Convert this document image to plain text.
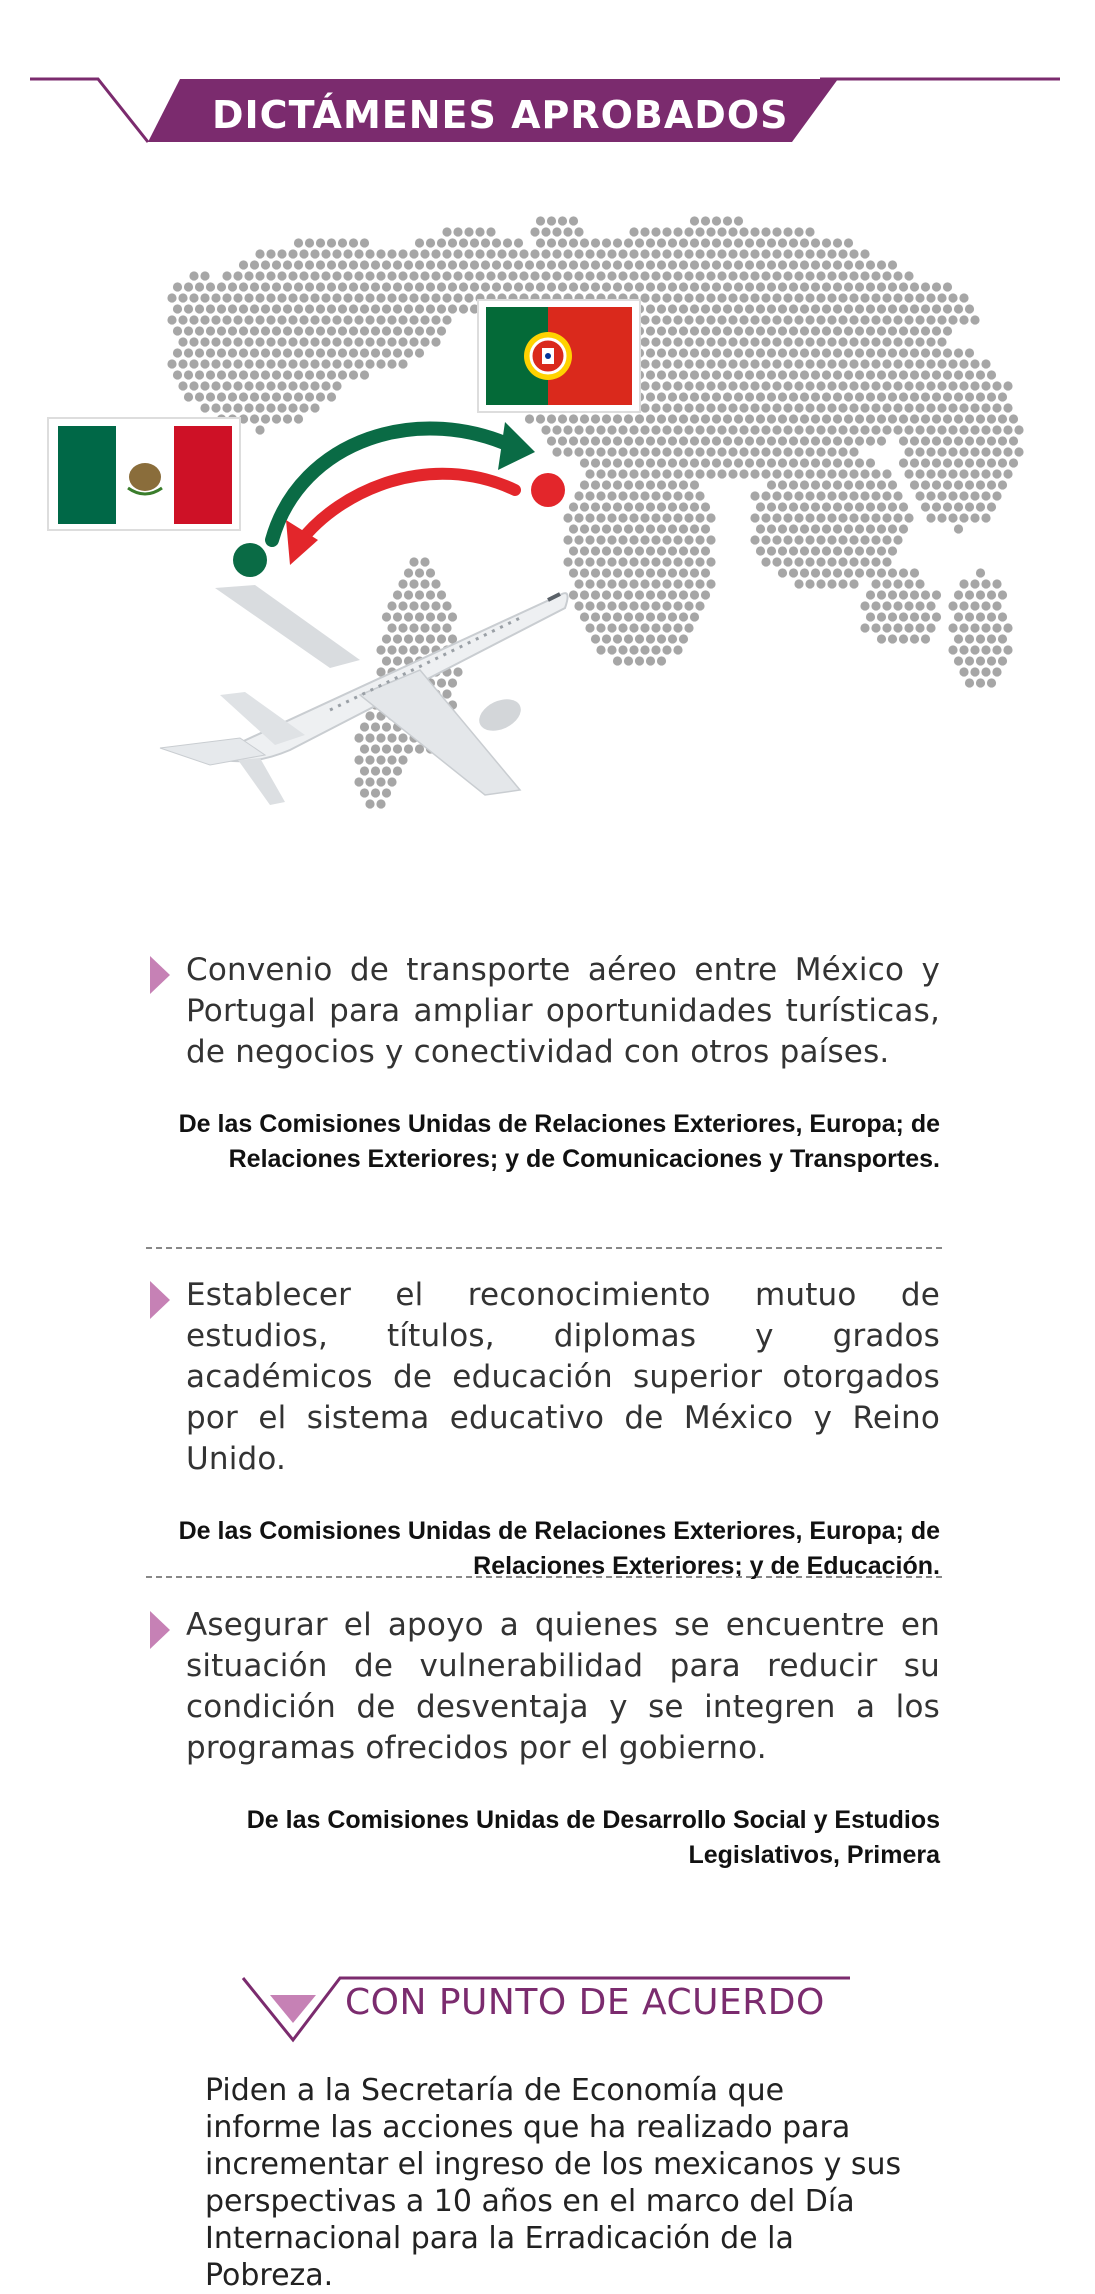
DICTÁMENES APROBADOS
Convenio de transporte aéreo entre México y Portugal para ampliar oportunidades turísticas, de negocios y conectividad con otros países.
De las Comisiones Unidas de Relaciones Exteriores, Europa; de Relaciones Exteriores; y de Comunicaciones y Transportes.
Establecer el reconocimiento mutuo de estudios, títulos, diplomas y grados académicos de educación superior otorgados por el sistema educativo de México y Reino Unido.
De las Comisiones Unidas de Relaciones Exteriores, Europa; de Relaciones Exteriores; y de Educación.
Asegurar el apoyo a quienes se encuentre en situación de vulnerabilidad para reducir su condición de desventaja y se integren a los programas ofrecidos por el gobierno.
De las Comisiones Unidas de Desarrollo Social y Estudios Legislativos, Primera
CON PUNTO DE ACUERDO
Piden a la Secretaría de Economía que informe las acciones que ha realizado para incrementar el ingreso de los mexicanos y sus perspectivas a 10 años en el marco del Día Internacional para la Erradicación de la Pobreza.
